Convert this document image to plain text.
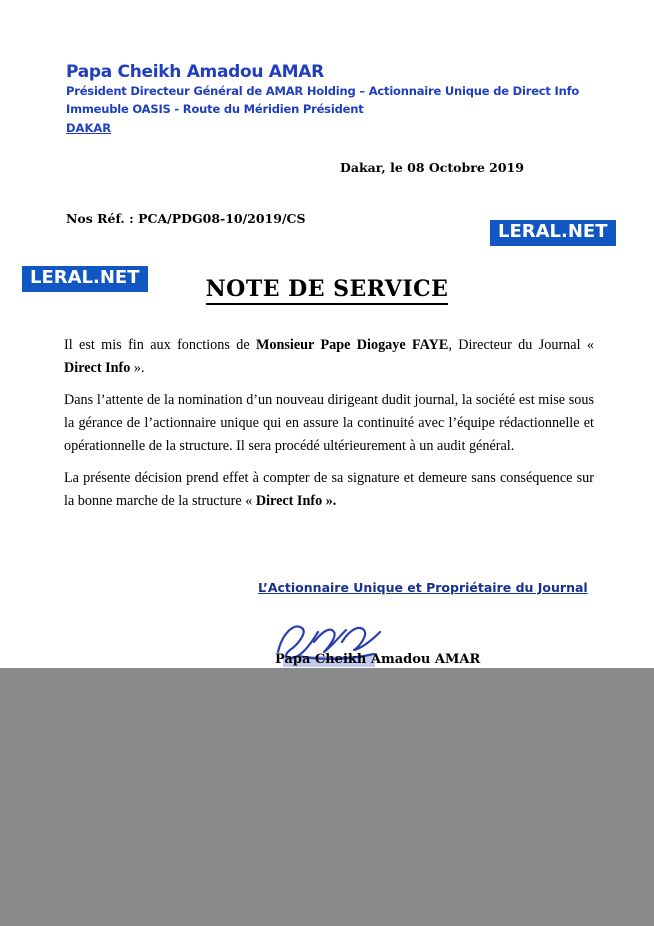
Papa Cheikh Amadou AMAR
Président Directeur Général de AMAR Holding – Actionnaire Unique de Direct Info
Immeuble OASIS - Route du Méridien Président
DAKAR
Dakar, le 08 Octobre 2019
Nos Réf. : PCA/PDG08-10/2019/CS
LERAL.NET
LERAL.NET	NOTE DE SERVICE

Il est mis fin aux fonctions de Monsieur Pape Diogaye FAYE, Directeur du Journal « Direct Info ».

Dans l’attente de la nomination d’un nouveau dirigeant dudit journal, la société est mise sous la gérance de l’actionnaire unique qui en assure la continuité avec l’équipe rédactionnelle et opérationnelle de la structure. Il sera procédé ultérieurement à un audit général.

La présente décision prend effet à compter de sa signature et demeure sans conséquence sur la bonne marche de la structure « Direct Info ».

L’Actionnaire Unique et Propriétaire du Journal
Papa Cheikh Amadou AMAR
